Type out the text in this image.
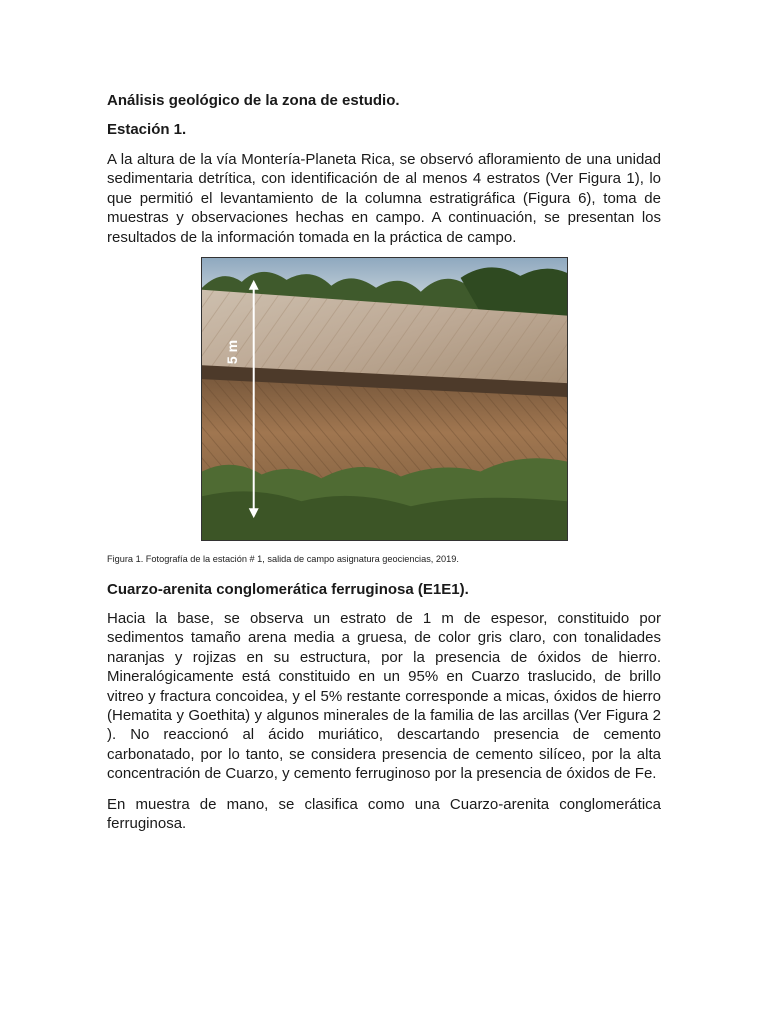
Análisis geológico de la zona de estudio.
Estación 1.

A la altura de la vía Montería-Planeta Rica, se observó afloramiento de una unidad sedimentaria detrítica, con identificación de al menos 4 estratos (Ver Figura 1), lo que permitió el levantamiento de la columna estratigráfica (Figura 6), toma de muestras y observaciones hechas en campo. A continuación, se presentan los resultados de la información tomada en la práctica de campo.

5 m

Figura 1. Fotografía de la estación # 1, salida de campo asignatura geociencias, 2019.

Cuarzo-arenita conglomerática ferruginosa (E1E1).

Hacia la base, se observa un estrato de 1 m de espesor, constituido por sedimentos tamaño arena media a gruesa, de color gris claro, con tonalidades naranjas y rojizas en su estructura, por la presencia de óxidos de hierro. Mineralógicamente está constituido en un 95% en Cuarzo traslucido, de brillo vitreo y fractura concoidea, y el 5% restante corresponde a micas, óxidos de hierro (Hematita y Goethita) y algunos minerales de la familia de las arcillas (Ver Figura 2 ). No reaccionó al ácido muriático, descartando presencia de cemento carbonatado, por lo tanto, se considera presencia de cemento silíceo, por la alta concentración de Cuarzo, y cemento ferruginoso por la presencia de óxidos de Fe.

En muestra de mano, se clasifica como una Cuarzo-arenita conglomerática ferruginosa.
